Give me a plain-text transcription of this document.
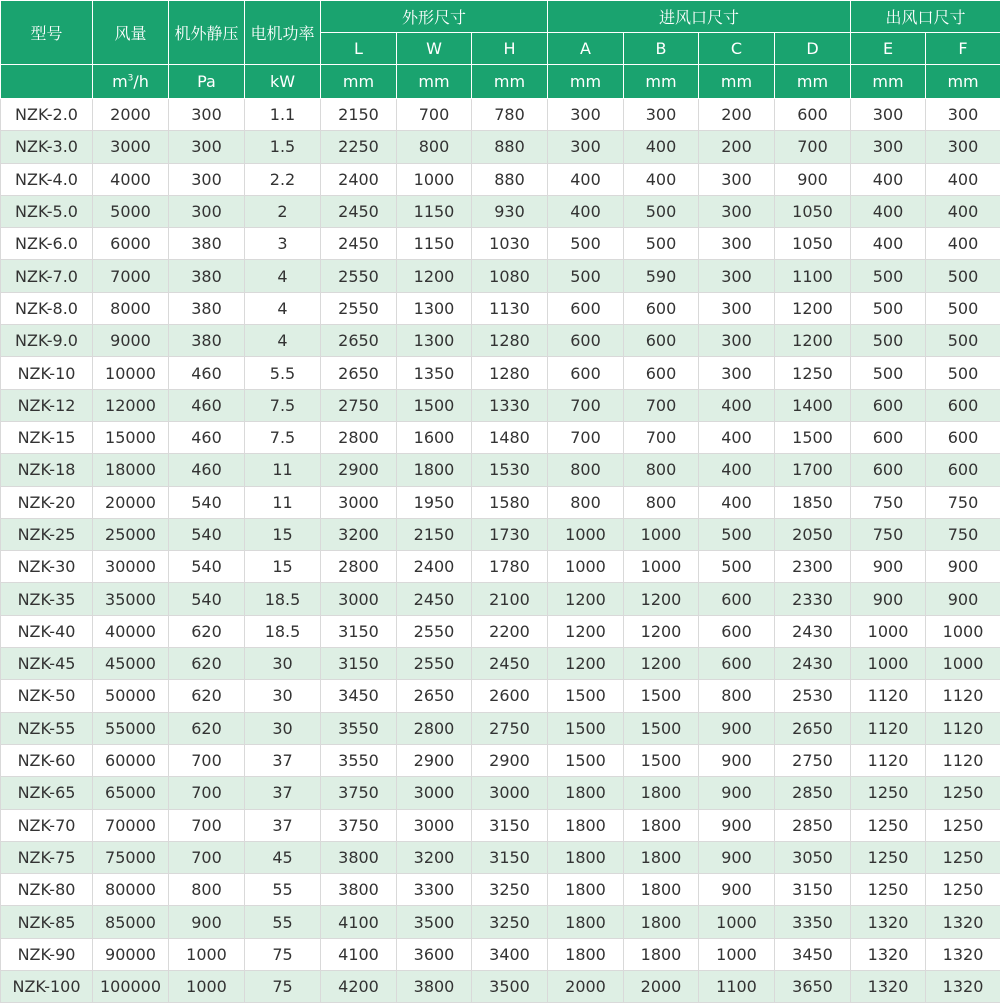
型号	风量	机外静压	电机功率	外形尺寸			进风口尺寸				出风口尺寸	
				L	W	H	A	B	C	D	E	F
	$m^3/h$	Pa	kW	mm	mm	mm	mm	mm	mm	mm	mm	mm
NZK-2.0	2000	300	1.1	2150	700	780	300	300	200	600	300	300
NZK-3.0	3000	300	1.5	2250	800	880	300	400	200	700	300	300
NZK-4.0	4000	300	2.2	2400	1000	880	400	400	300	900	400	400
NZK-5.0	5000	300	2	2450	1150	930	400	500	300	1050	400	400
NZK-6.0	6000	380	3	2450	1150	1030	500	500	300	1050	400	400
NZK-7.0	7000	380	4	2550	1200	1080	500	590	300	1100	500	500
NZK-8.0	8000	380	4	2550	1300	1130	600	600	300	1200	500	500
NZK-9.0	9000	380	4	2650	1300	1280	600	600	300	1200	500	500
NZK-10	10000	460	5.5	2650	1350	1280	600	600	300	1250	500	500
NZK-12	12000	460	7.5	2750	1500	1330	700	700	400	1400	600	600
NZK-15	15000	460	7.5	2800	1600	1480	700	700	400	1500	600	600
NZK-18	18000	460	11	2900	1800	1530	800	800	400	1700	600	600
NZK-20	20000	540	11	3000	1950	1580	800	800	400	1850	750	750
NZK-25	25000	540	15	3200	2150	1730	1000	1000	500	2050	750	750
NZK-30	30000	540	15	2800	2400	1780	1000	1000	500	2300	900	900
NZK-35	35000	540	18.5	3000	2450	2100	1200	1200	600	2330	900	900
NZK-40	40000	620	18.5	3150	2550	2200	1200	1200	600	2430	1000	1000
NZK-45	45000	620	30	3150	2550	2450	1200	1200	600	2430	1000	1000
NZK-50	50000	620	30	3450	2650	2600	1500	1500	800	2530	1120	1120
NZK-55	55000	620	30	3550	2800	2750	1500	1500	900	2650	1120	1120
NZK-60	60000	700	37	3550	2900	2900	1500	1500	900	2750	1120	1120
NZK-65	65000	700	37	3750	3000	3000	1800	1800	900	2850	1250	1250
NZK-70	70000	700	37	3750	3000	3150	1800	1800	900	2850	1250	1250
NZK-75	75000	700	45	3800	3200	3150	1800	1800	900	3050	1250	1250
NZK-80	80000	800	55	3800	3300	3250	1800	1800	900	3150	1250	1250
NZK-85	85000	900	55	4100	3500	3250	1800	1800	1000	3350	1320	1320
NZK-90	90000	1000	75	4100	3600	3400	1800	1800	1000	3450	1320	1320
NZK-100	100000	1000	75	4200	3800	3500	2000	2000	1100	3650	1320	1320
